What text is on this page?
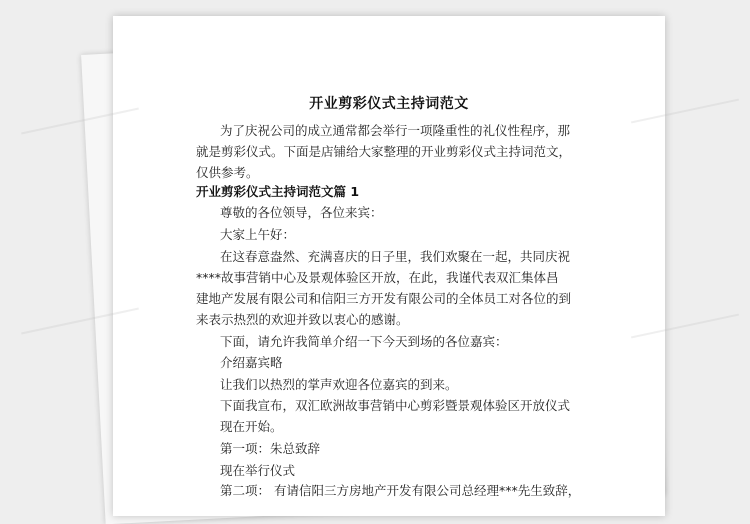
开业剪彩仪式主持词范文
为了庆祝公司的成立通常都会举行一项隆重性的礼仪性程序，那
就是剪彩仪式。下面是店铺给大家整理的开业剪彩仪式主持词范文，
仅供参考。
开业剪彩仪式主持词范文篇 1
尊敬的各位领导，各位来宾：
大家上午好：
在这春意盎然、充满喜庆的日子里，我们欢聚在一起，共同庆祝
****故事营销中心及景观体验区开放，在此，我谨代表双汇集体昌
建地产发展有限公司和信阳三方开发有限公司的全体员工对各位的到
来表示热烈的欢迎并致以衷心的感谢。
下面，请允许我简单介绍一下今天到场的各位嘉宾：
介绍嘉宾略
让我们以热烈的掌声欢迎各位嘉宾的到来。
下面我宣布，双汇欧洲故事营销中心剪彩暨景观体验区开放仪式
现在开始。
第一项：朱总致辞
现在举行仪式
第二项： 有请信阳三方房地产开发有限公司总经理***先生致辞，
